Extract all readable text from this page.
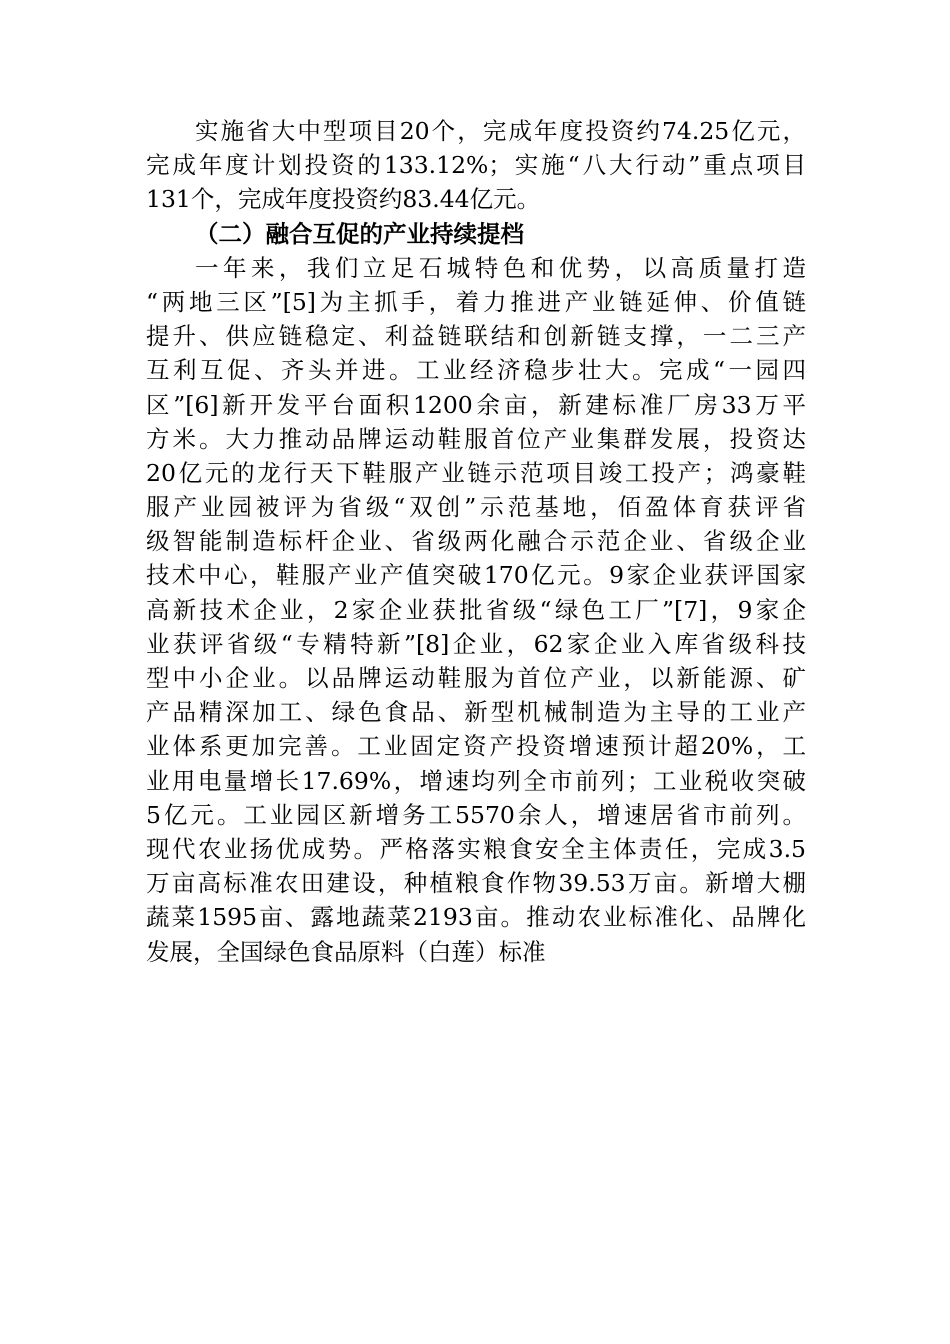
实施省大中型项目20个，完成年度投资约74.25亿元，
完成年度计划投资的133.12%；实施“八大行动”重点项目
131个，完成年度投资约83.44亿元。
（二）融合互促的产业持续提档
一年来，我们立足石城特色和优势，以高质量打造
“两地三区”[5]为主抓手，着力推进产业链延伸、价值链
提升、供应链稳定、利益链联结和创新链支撑，一二三产
互利互促、齐头并进。工业经济稳步壮大。完成“一园四
区”[6]新开发平台面积1200余亩，新建标准厂房33万平
方米。大力推动品牌运动鞋服首位产业集群发展，投资达
20亿元的龙行天下鞋服产业链示范项目竣工投产；鸿豪鞋
服产业园被评为省级“双创”示范基地，佰盈体育获评省
级智能制造标杆企业、省级两化融合示范企业、省级企业
技术中心，鞋服产业产值突破170亿元。9家企业获评国家
高新技术企业，2家企业获批省级“绿色工厂”[7]，9家企
业获评省级“专精特新”[8]企业，62家企业入库省级科技
型中小企业。以品牌运动鞋服为首位产业，以新能源、矿
产品精深加工、绿色食品、新型机械制造为主导的工业产
业体系更加完善。工业固定资产投资增速预计超20%，工
业用电量增长17.69%，增速均列全市前列；工业税收突破
5亿元。工业园区新增务工5570余人，增速居省市前列。
现代农业扬优成势。严格落实粮食安全主体责任，完成3.5
万亩高标准农田建设，种植粮食作物39.53万亩。新增大棚
蔬菜1595亩、露地蔬菜2193亩。推动农业标准化、品牌化
发展，全国绿色食品原料（白莲）标准
